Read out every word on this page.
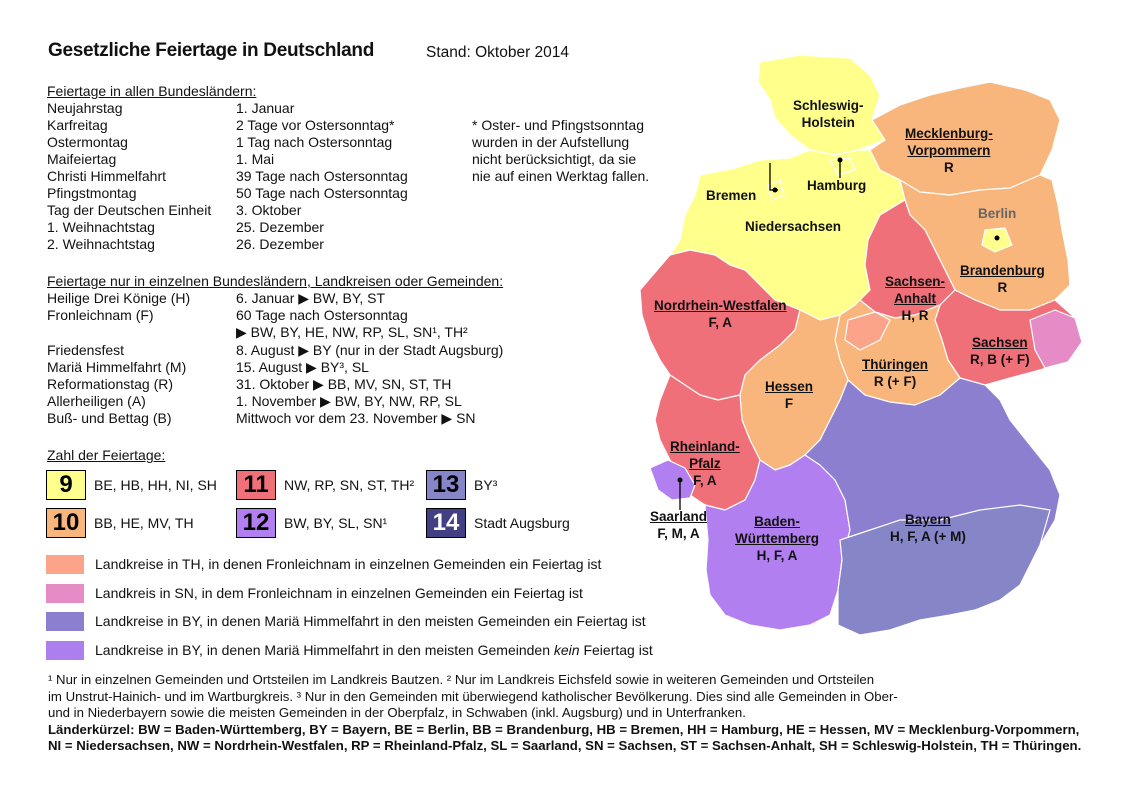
Gesetzliche Feiertage in Deutschland	Stand: Oktober 2014
Feiertage in allen Bundesländern:
Neujahrstag	1. Januar
Karfreitag	2 Tage vor Ostersonntag*
Ostermontag	1 Tag nach Ostersonntag
Maifeiertag	1. Mai
Christi Himmelfahrt	39 Tage nach Ostersonntag
Pfingstmontag	50 Tage nach Ostersonntag
Tag der Deutschen Einheit 3. Oktober
1. Weihnachtstag	25. Dezember
2. Weihnachtstag	26. Dezember
* Oster- und Pfingstsonntag
wurden in der Aufstellung
nicht berücksichtigt, da sie
nie auf einen Werktag fallen.
Feiertage nur in einzelnen Bundesländern, Landkreisen oder Gemeinden:
Heilige Drei Könige (H)	6. Januar ▶ BW, BY, ST
Fronleichnam (F)	60 Tage nach Ostersonntag
▶ BW, BY, HE, NW, RP, SL, SN¹, TH²
Friedensfest	8. August ▶ BY (nur in der Stadt Augsburg)
Mariä Himmelfahrt (M)	15. August ▶ BY³, SL
Reformationstag (R)	31. Oktober ▶ BB, MV, SN, ST, TH
Allerheiligen (A)	1. November ▶ BW, BY, NW, RP, SL
Buß- und Bettag (B)	Mittwoch vor dem 23. November ▶ SN
Zahl der Feiertage:
9	BE, HB, HH, NI, SH
10	BB, HE, MV, TH
11	NW, RP, SN, ST, TH²
12	BW, BY, SL, SN¹
13	BY³
14	Stadt Augsburg
Landkreise in TH, in denen Fronleichnam in einzelnen Gemeinden ein Feiertag ist
Landkreis in SN, in dem Fronleichnam in einzelnen Gemeinden ein Feiertag ist
Landkreise in BY, in denen Mariä Himmelfahrt in den meisten Gemeinden ein Feiertag ist
Landkreise in BY, in denen Mariä Himmelfahrt in den meisten Gemeinden kein Feiertag ist
¹ Nur in einzelnen Gemeinden und Ortsteilen im Landkreis Bautzen. ² Nur im Landkreis Eichsfeld sowie in weiteren Gemeinden und Ortsteilen
im Unstrut-Hainich- und im Wartburgkreis. ³ Nur in den Gemeinden mit überwiegend katholischer Bevölkerung. Dies sind alle Gemeinden in Ober-
und in Niederbayern sowie die meisten Gemeinden in der Oberpfalz, in Schwaben (inkl. Augsburg) und in Unterfranken.
Länderkürzel: BW = Baden-Württemberg, BY = Bayern, BE = Berlin, BB = Brandenburg, HB = Bremen, HH = Hamburg, HE = Hessen, MV = Mecklenburg-Vorpommern,
NI = Niedersachsen, NW = Nordrhein-Westfalen, RP = Rheinland-Pfalz, SL = Saarland, SN = Sachsen, ST = Sachsen-Anhalt, SH = Schleswig-Holstein, TH = Thüringen.
Schleswig-
Holstein
Mecklenburg-
Vorpommern
R
Hamburg
Bremen
Niedersachsen
Berlin
Brandenburg
R
Sachsen-
Anhalt
H, R
Nordrhein-Westfalen
F, A
Sachsen
R, B (+ F)
Thüringen
R (+ F)
Hessen
F
Rheinland-
Pfalz
F, A
Saarland
F, M, A
Baden-
Württemberg
H, F, A
Bayern
H, F, A (+ M)
